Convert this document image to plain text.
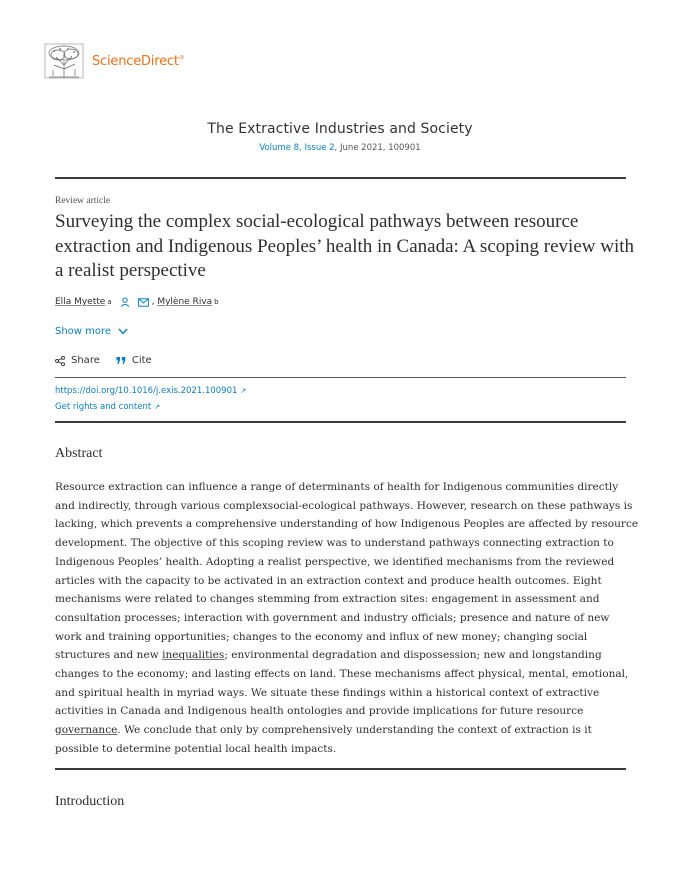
ScienceDirect®
The Extractive Industries and Society
Volume 8, Issue 2, June 2021, 100901
Review article
Surveying the complex social-ecological pathways between resource extraction and Indigenous Peoples’ health in Canada: A scoping review with a realist perspective
Ella Myette a	, Mylène Riva b
Show more
Share	Cite
https://doi.org/10.1016/j.exis.2021.100901 ↗
Get rights and content ↗
Abstract
Resource extraction can influence a range of determinants of health for Indigenous communities directly
and indirectly, through various complexsocial-ecological pathways. However, research on these pathways is
lacking, which prevents a comprehensive understanding of how Indigenous Peoples are affected by resource
development. The objective of this scoping review was to understand pathways connecting extraction to
Indigenous Peoples’ health. Adopting a realist perspective, we identified mechanisms from the reviewed
articles with the capacity to be activated in an extraction context and produce health outcomes. Eight
mechanisms were related to changes stemming from extraction sites: engagement in assessment and
consultation processes; interaction with government and industry officials; presence and nature of new
work and training opportunities; changes to the economy and influx of new money; changing social
structures and new inequalities; environmental degradation and dispossession; new and longstanding
changes to the economy; and lasting effects on land. These mechanisms affect physical, mental, emotional,
and spiritual health in myriad ways. We situate these findings within a historical context of extractive
activities in Canada and Indigenous health ontologies and provide implications for future resource
governance. We conclude that only by comprehensively understanding the context of extraction is it
possible to determine potential local health impacts.
Introduction
